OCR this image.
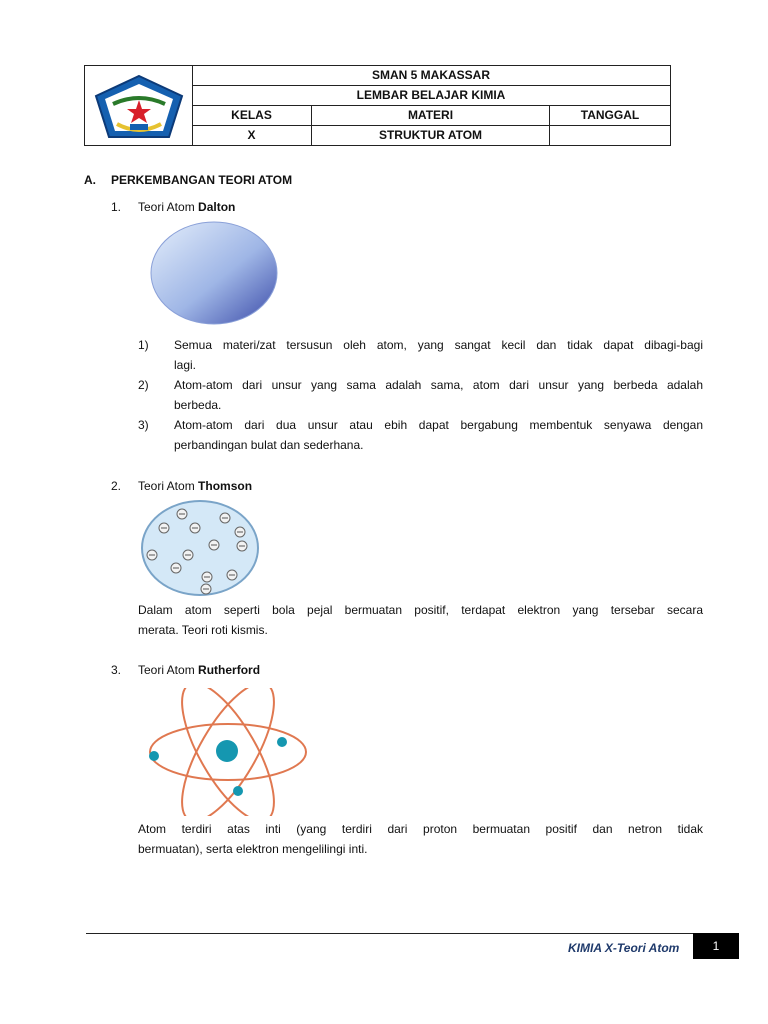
SMAN 5 MAKASSAR
LEMBAR BELAJAR KIMIA
KELAS	MATERI	TANGGAL
X	STRUKTUR ATOM
A. PERKEMBANGAN TEORI ATOM
1. Teori Atom Dalton
1) Semua materi/zat tersusun oleh atom, yang sangat kecil dan tidak dapat dibagi-bagi
lagi.
2) Atom-atom dari unsur yang sama adalah sama, atom dari unsur yang berbeda adalah
berbeda.
3) Atom-atom dari dua unsur atau ebih dapat bergabung membentuk senyawa dengan
perbandingan bulat dan sederhana.
2. Teori Atom Thomson
Dalam atom seperti bola pejal bermuatan positif, terdapat elektron yang tersebar secara
merata. Teori roti kismis.
3. Teori Atom Rutherford
Atom terdiri atas inti (yang terdiri dari proton bermuatan positif dan netron tidak
bermuatan), serta elektron mengelilingi inti.
KIMIA X-Teori Atom	1
